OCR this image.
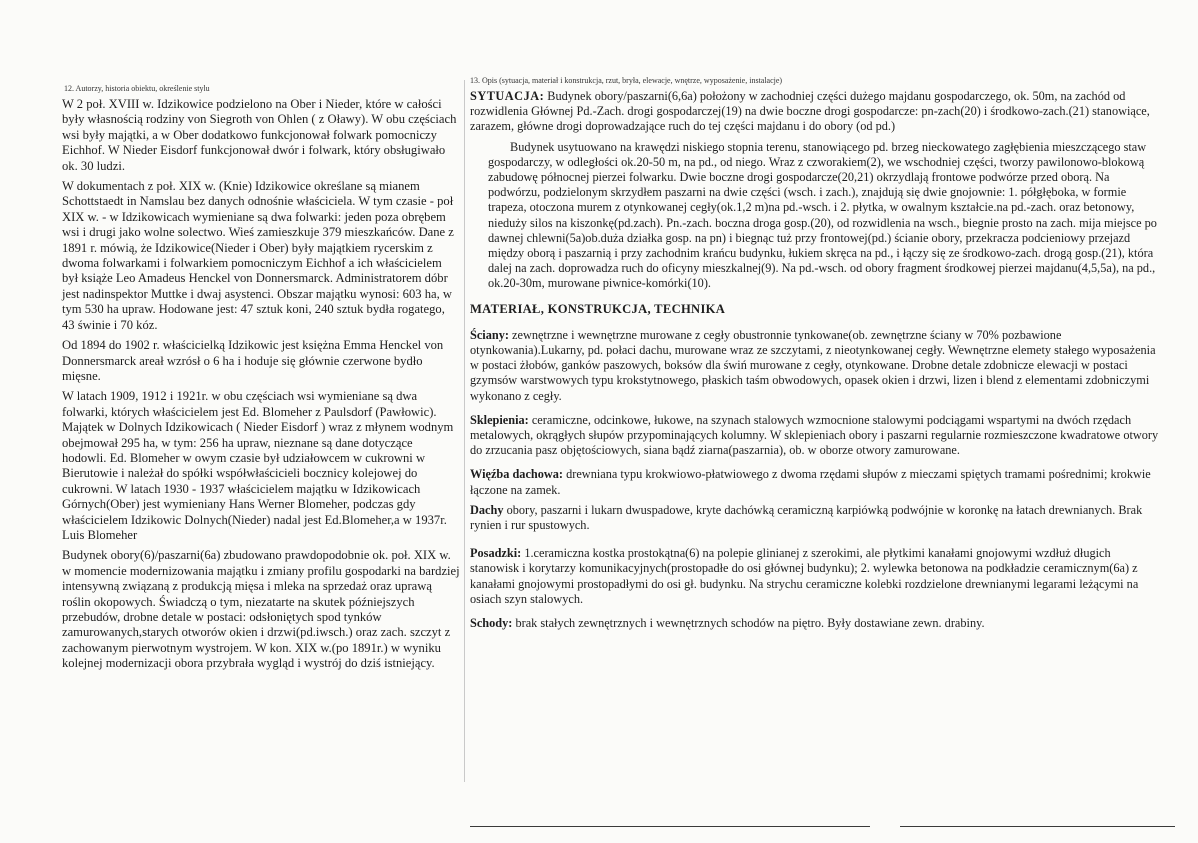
12. Autorzy, historia obiektu, określenie stylu

W 2 poł. XVIII w. Idzikowice podzielono na Ober i Nieder, które w całości były własnością rodziny von Siegroth von Ohlen ( z Oławy). W obu częściach wsi były majątki, a w Ober dodatkowo funkcjonował folwark pomocniczy Eichhof. W Nieder Eisdorf funkcjonował dwór i folwark, który obsługiwało ok. 30 ludzi.

W dokumentach z poł. XIX w. (Knie) Idzikowice określane są mianem Schottstaedt in Namslau bez danych odnośnie właściciela. W tym czasie - poł XIX w. - w Idzikowicach wymieniane są dwa folwarki: jeden poza obrębem wsi i drugi jako wolne solectwo. Wieś zamieszkuje 379 mieszkańców. Dane z 1891 r. mówią, że Idzikowice(Nieder i Ober) były majątkiem rycerskim z dwoma folwarkami i folwarkiem pomocniczym Eichhof a ich właścicielem był książe Leo Amadeus Henckel von Donnersmarck. Administratorem dóbr jest nadinspektor Muttke i dwaj asystenci. Obszar majątku wynosi: 603 ha, w tym 530 ha upraw. Hodowane jest: 47 sztuk koni, 240 sztuk bydła rogatego, 43 świnie i 70 kóz.

Od 1894 do 1902 r. właścicielką Idzikowic jest księżna Emma Henckel von Donnersmarck areał wzrósł o 6 ha i hoduje się głównie czerwone bydło mięsne.

W latach 1909, 1912 i 1921r. w obu częściach wsi wymieniane są dwa folwarki, których właścicielem jest Ed. Blomeher z Paulsdorf (Pawłowic). Majątek w Dolnych Idzikowicach ( Nieder Eisdorf ) wraz z młynem wodnym obejmował 295 ha, w tym: 256 ha upraw, nieznane są dane dotyczące hodowli. Ed. Blomeher w owym czasie był udziałowcem w cukrowni w Bierutowie i należał do spółki współwłaścicieli bocznicy kolejowej do cukrowni. W latach 1930 - 1937 właścicielem majątku w Idzikowicach Górnych(Ober) jest wymieniany Hans Werner Blomeher, podczas gdy właścicielem Idzikowic Dolnych(Nieder) nadal jest Ed.Blomeher,a w 1937r. Luis Blomeher

Budynek obory(6)/paszarni(6a) zbudowano prawdopodobnie ok. poł. XIX w. w momencie modernizowania majątku i zmiany profilu gospodarki na bardziej intensywną związaną z produkcją mięsa i mleka na sprzedaż oraz uprawą roślin okopowych. Świadczą o tym, niezatarte na skutek późniejszych przebudów, drobne detale w postaci: odsłoniętych spod tynków zamurowanych,starych otworów okien i drzwi(pd.iwsch.) oraz zach. szczyt z zachowanym pierwotnym wystrojem. W kon. XIX w.(po 1891r.) w wyniku kolejnej modernizacji obora przybrała wygląd i wystrój do dziś istniejący.

13. Opis (sytuacja, materiał i konstrukcja, rzut, bryła, elewacje, wnętrze, wyposażenie, instalacje)

SYTUACJA: Budynek obory/paszarni(6,6a) położony w zachodniej części dużego majdanu gospodarczego, ok. 50m, na zachód od rozwidlenia Głównej Pd.-Zach. drogi gospodarczej(19) na dwie boczne drogi gospodarcze: pn-zach(20) i środkowo-zach.(21) stanowiące, zarazem, główne drogi doprowadzające ruch do tej części majdanu i do obory (od pd.)

Budynek usytuowano na krawędzi niskiego stopnia terenu, stanowiącego pd. brzeg nieckowatego zagłębienia mieszczącego staw gospodarczy, w odległości ok.20-50 m, na pd., od niego. Wraz z czworakiem(2), we wschodniej części, tworzy pawilonowo-blokową zabudowę północnej pierzei folwarku. Dwie boczne drogi gospodarcze(20,21) okrzydlają frontowe podwórze przed oborą. Na podwórzu, podzielonym skrzydłem paszarni na dwie części (wsch. i zach.), znajdują się dwie gnojownie: 1. półgłęboka, w formie trapeza, otoczona murem z otynkowanej cegły(ok.1,2 m)na pd.-wsch. i 2. płytka, w owalnym kształcie.na pd.-zach. oraz betonowy, nieduży silos na kiszonkę(pd.zach). Pn.-zach. boczna droga gosp.(20), od rozwidlenia na wsch., biegnie prosto na zach. mija miejsce po dawnej chlewni(5a)ob.duża działka gosp. na pn) i biegnąc tuż przy frontowej(pd.) ścianie obory, przekracza podcieniowy przejazd między oborą i paszarnią i przy zachodnim krańcu budynku, łukiem skręca na pd., i łączy się ze środkowo-zach. drogą gosp.(21), która dalej na zach. doprowadza ruch do oficyny mieszkalnej(9). Na pd.-wsch. od obory fragment środkowej pierzei majdanu(4,5,5a), na pd., ok.20-30m, murowane piwnice-komórki(10).

MATERIAŁ, KONSTRUKCJA, TECHNIKA

Ściany: zewnętrzne i wewnętrzne murowane z cegły obustronnie tynkowane(ob. zewnętrzne ściany w 70% pozbawione otynkowania).Lukarny, pd. połaci dachu, murowane wraz ze szczytami, z nieotynkowanej cegły. Wewnętrzne elemety stałego wyposażenia w postaci żłobów, ganków paszowych, boksów dla świń murowane z cegły, otynkowane. Drobne detale zdobnicze elewacji w postaci gzymsów warstwowych typu krokstytnowego, płaskich taśm obwodowych, opasek okien i drzwi, lizen i blend z elementami zdobniczymi wykonano z cegły.

Sklepienia: ceramiczne, odcinkowe, łukowe, na szynach stalowych wzmocnione stalowymi podciągami wspartymi na dwóch rzędach metalowych, okrągłych słupów przypominających kolumny. W sklepieniach obory i paszarni regularnie rozmieszczone kwadratowe otwory do zrzucania pasz objętościowych, siana bądź ziarna(paszarnia), ob. w oborze otwory zamurowane.

Więźba dachowa: drewniana typu krokwiowo-płatwiowego z dwoma rzędami słupów z mieczami spiętych tramami pośrednimi; krokwie łączone na zamek.

Dachy obory, paszarni i lukarn dwuspadowe, kryte dachówką ceramiczną karpiówką podwójnie w koronkę na łatach drewnianych. Brak rynien i rur spustowych.

Posadzki: 1.ceramiczna kostka prostokątna(6) na polepie glinianej z szerokimi, ale płytkimi kanałami gnojowymi wzdłuż długich stanowisk i korytarzy komunikacyjnych(prostopadłe do osi głównej budynku); 2. wylewka betonowa na podkładzie ceramicznym(6a) z kanałami gnojowymi prostopadłymi do osi gł. budynku. Na strychu ceramiczne kolebki rozdzielone drewnianymi legarami leżącymi na osiach szyn stalowych.

Schody: brak stałych zewnętrznych i wewnętrznych schodów na piętro. Były dostawiane zewn. drabiny.
